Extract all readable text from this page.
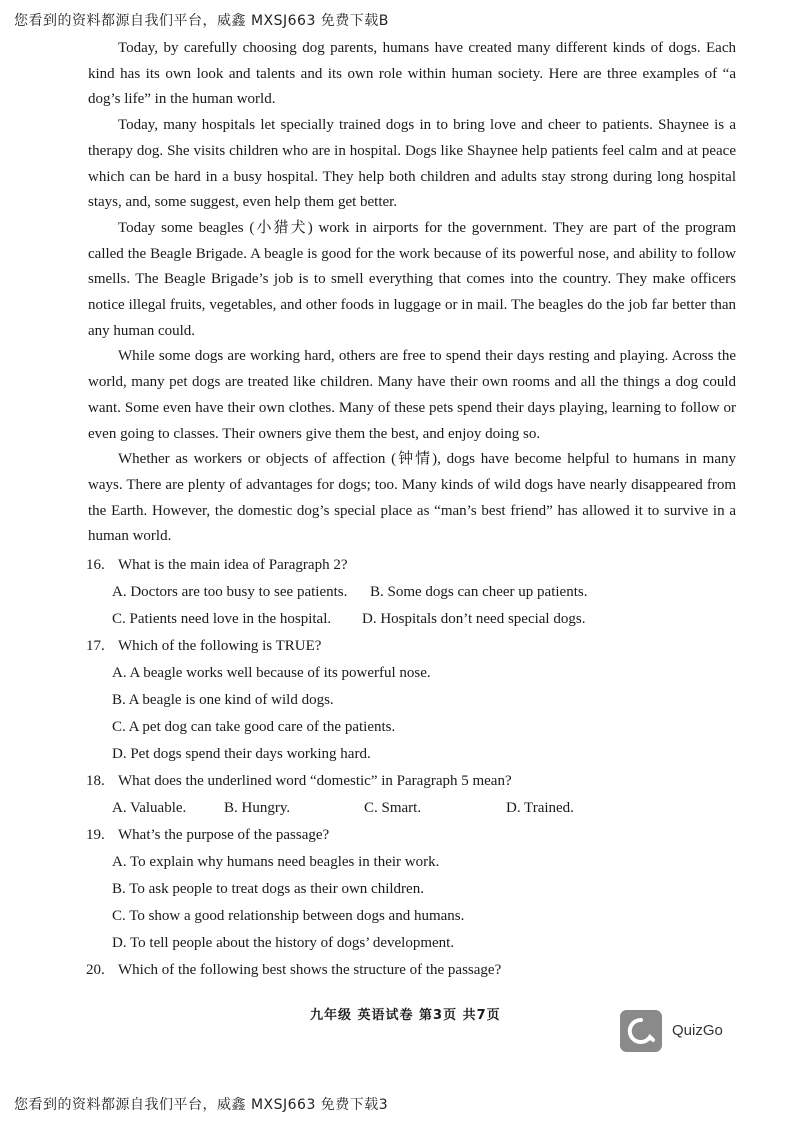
您看到的资料都源自我们平台，威鑫 MXSJ663 免费下载B

Today, by carefully choosing dog parents, humans have created many different kinds of dogs. Each kind has its own look and talents and its own role within human society. Here are three examples of “a dog’s life” in the human world.

Today, many hospitals let specially trained dogs in to bring love and cheer to patients. Shaynee is a therapy dog. She visits children who are in hospital. Dogs like Shaynee help patients feel calm and at peace which can be hard in a busy hospital. They help both children and adults stay strong during long hospital stays, and, some suggest, even help them get better.

Today some beagles (小猎犬) work in airports for the government. They are part of the program called the Beagle Brigade. A beagle is good for the work because of its powerful nose, and ability to follow smells. The Beagle Brigade’s job is to smell everything that comes into the country. They make officers notice illegal fruits, vegetables, and other foods in luggage or in mail. The beagles do the job far better than any human could.

While some dogs are working hard, others are free to spend their days resting and playing. Across the world, many pet dogs are treated like children. Many have their own rooms and all the things a dog could want. Some even have their own clothes. Many of these pets spend their days playing, learning to follow or even going to classes. Their owners give them the best, and enjoy doing so.

Whether as workers or objects of affection (钟情), dogs have become helpful to humans in many ways. There are plenty of advantages for dogs; too. Many kinds of wild dogs have nearly disappeared from the Earth. However, the domestic dog’s special place as “man’s best friend” has allowed it to survive in a human world.

16. What is the main idea of Paragraph 2?
A. Doctors are too busy to see patients.	B. Some dogs can cheer up patients.
C. Patients need love in the hospital.	D. Hospitals don’t need special dogs.
17. Which of the following is TRUE?
A. A beagle works well because of its powerful nose.
B. A beagle is one kind of wild dogs.
C. A pet dog can take good care of the patients.
D. Pet dogs spend their days working hard.
18. What does the underlined word “domestic” in Paragraph 5 mean?
A. Valuable.	B. Hungry.	C. Smart.	D. Trained.
19. What’s the purpose of the passage?
A. To explain why humans need beagles in their work.
B. To ask people to treat dogs as their own children.
C. To show a good relationship between dogs and humans.
D. To tell people about the history of dogs’ development.
20. Which of the following best shows the structure of the passage?
九年级 英语试卷 第3页 共7页
QuizGo
您看到的资料都源自我们平台，威鑫 MXSJ663 免费下载3
